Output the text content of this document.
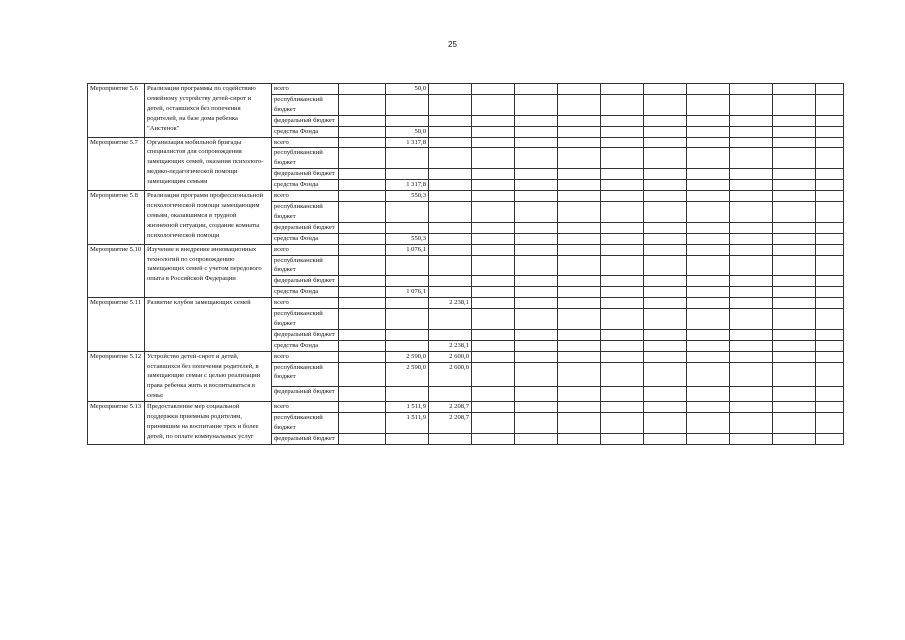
25
Мероприятие 5.6	Реализация программы по содействию семейному устройству детей-сирот и детей, оставшихся без попечения родителей, на базе дома ребенка "Аистенок"	всего		50,0										

		республиканский бюджет												

		федеральный бюджет												

		средства Фонда		50,0										

Мероприятие 5.7	Организация мобильной бригады специалистов для сопровождения замещающих семей, оказания психолого-медико-педагогической помощи замещающим семьям	всего		1 317,8										

		республиканский бюджет												

		федеральный бюджет												

		средства Фонда		1 317,8										

Мероприятие 5.8	Реализация программ профессиональной психологической помощи замещающим семьям, оказавшимся в трудной жизненной ситуации, создание комнаты психологической помощи	всего		550,3										

		республиканский бюджет												

		федеральный бюджет												

		средства Фонда		550,3										

Мероприятие 5.10	Изучение и внедрение инновационных технологий по сопровождению замещающих семей с учетом передового опыта в Российской Федерации	всего		1 076,1										

		республиканский бюджет												

		федеральный бюджет												

		средства Фонда		1 076,1										

Мероприятие 5.11	Развитие клубов замещающих семей	всего			2 238,1									

		республиканский бюджет												

		федеральный бюджет												

		средства Фонда			2 238,1									

Мероприятие 5.12	Устройство детей-сирот и детей, оставшихся без попечения родителей, в замещающие семьи с целью реализации права ребенка жить и воспитываться в семье	всего		2 590,0	2 600,0									

		республиканский бюджет		2 590,0	2 600,0									

		федеральный бюджет												

Мероприятие 5.13	Предоставление мер социальной поддержки приемным родителям, принявшим на воспитание трех и более детей, по оплате коммунальных услуг	всего		1 511,9	2 208,7									

		республиканский бюджет		1 511,9	2 208,7									

		федеральный бюджет												
